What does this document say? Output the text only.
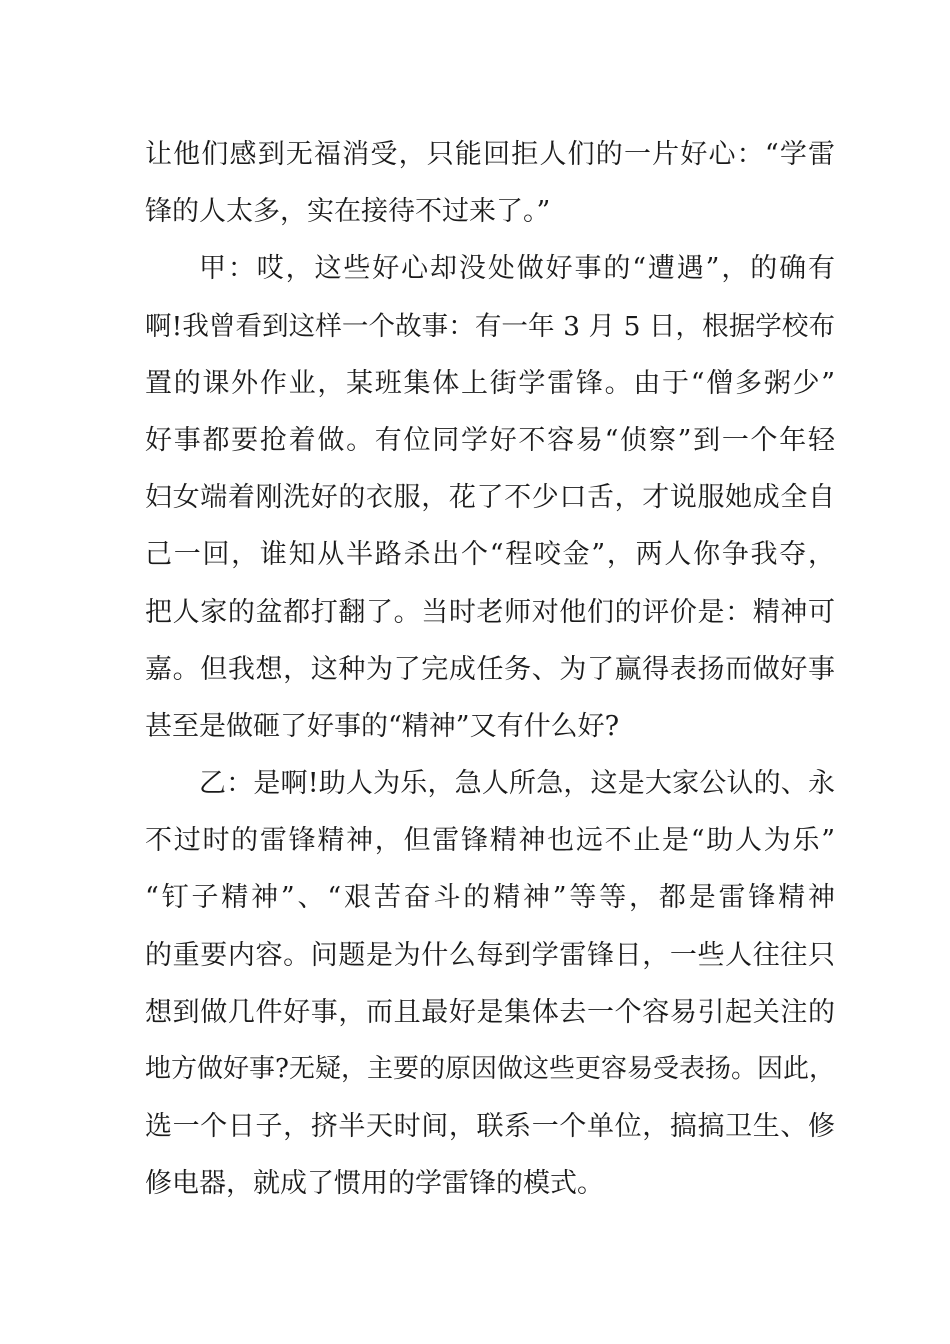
让他们感到无福消受，只能回拒人们的一片好心：“学雷
锋的人太多，实在接待不过来了。”
甲：哎，这些好心却没处做好事的“遭遇”，的确有
啊!我曾看到这样一个故事：有一年 3 月 5 日，根据学校布
置的课外作业，某班集体上街学雷锋。由于“僧多粥少”
好事都要抢着做。有位同学好不容易“侦察”到一个年轻
妇女端着刚洗好的衣服，花了不少口舌，才说服她成全自
己一回，谁知从半路杀出个“程咬金”，两人你争我夺，
把人家的盆都打翻了。当时老师对他们的评价是：精神可
嘉。但我想，这种为了完成任务、为了赢得表扬而做好事
甚至是做砸了好事的“精神”又有什么好?
乙：是啊!助人为乐，急人所急，这是大家公认的、永
不过时的雷锋精神，但雷锋精神也远不止是“助人为乐”
“钉子精神”、“艰苦奋斗的精神”等等，都是雷锋精神
的重要内容。问题是为什么每到学雷锋日，一些人往往只
想到做几件好事，而且最好是集体去一个容易引起关注的
地方做好事?无疑，主要的原因做这些更容易受表扬。因此，
选一个日子，挤半天时间，联系一个单位，搞搞卫生、修
修电器，就成了惯用的学雷锋的模式。
